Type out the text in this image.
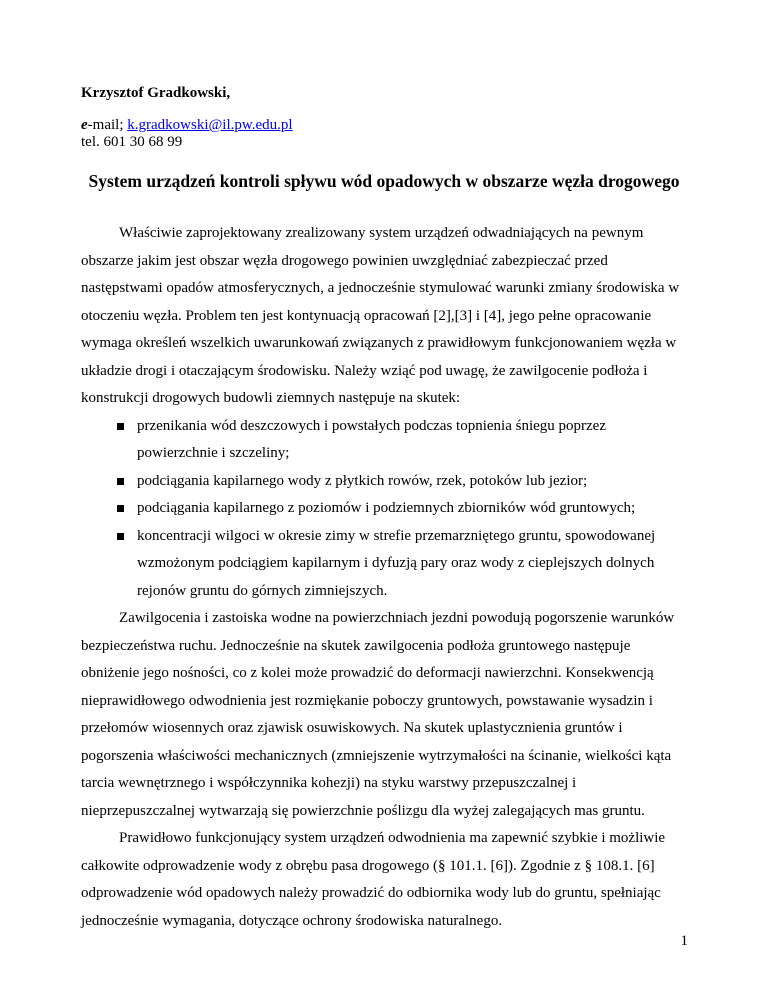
Krzysztof Gradkowski,
e-mail; k.gradkowski@il.pw.edu.pl
tel. 601 30 68 99
System urządzeń kontroli spływu wód opadowych w obszarze węzła drogowego

Właściwie zaprojektowany zrealizowany system urządzeń odwadniających na pewnym obszarze jakim jest obszar węzła drogowego powinien uwzględniać zabezpieczać przed następstwami opadów atmosferycznych, a jednocześnie stymulować warunki zmiany środowiska w otoczeniu węzła. Problem ten jest kontynuacją opracowań [2],[3] i [4], jego pełne opracowanie wymaga określeń wszelkich uwarunkowań związanych z prawidłowym funkcjonowaniem węzła w układzie drogi i otaczającym środowisku. Należy wziąć pod uwagę, że zawilgocenie podłoża i konstrukcji drogowych budowli ziemnych następuje na skutek:

przenikania wód deszczowych i powstałych podczas topnienia śniegu poprzez powierzchnie i szczeliny;
podciągania kapilarnego wody z płytkich rowów, rzek, potoków lub jezior;
podciągania kapilarnego z poziomów i podziemnych zbiorników wód gruntowych;
koncentracji wilgoci w okresie zimy w strefie przemarzniętego gruntu, spowodowanej wzmożonym podciągiem kapilarnym i dyfuzją pary oraz wody z cieplejszych dolnych rejonów gruntu do górnych zimniejszych.

Zawilgocenia i zastoiska wodne na powierzchniach jezdni powodują pogorszenie warunków bezpieczeństwa ruchu. Jednocześnie na skutek zawilgocenia podłoża gruntowego następuje obniżenie jego nośności, co z kolei może prowadzić do deformacji nawierzchni. Konsekwencją nieprawidłowego odwodnienia jest rozmiękanie poboczy gruntowych, powstawanie wysadzin i przełomów wiosennych oraz zjawisk osuwiskowych. Na skutek uplastycznienia gruntów i pogorszenia właściwości mechanicznych (zmniejszenie wytrzymałości na ścinanie, wielkości kąta tarcia wewnętrznego i współczynnika kohezji) na styku warstwy przepuszczalnej i nieprzepuszczalnej wytwarzają się powierzchnie poślizgu dla wyżej zalegających mas gruntu.

Prawidłowo funkcjonujący system urządzeń odwodnienia ma zapewnić szybkie i możliwie całkowite odprowadzenie wody z obrębu pasa drogowego (§ 101.1. [6]). Zgodnie z § 108.1. [6] odprowadzenie wód opadowych należy prowadzić do odbiornika wody lub do gruntu, spełniając jednocześnie wymagania, dotyczące ochrony środowiska naturalnego.

1
